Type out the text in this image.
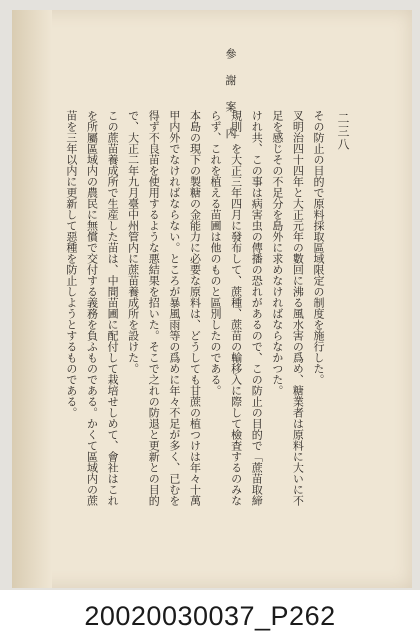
參 謝 案 内	二三八

その防止の目的で原料採取區域限定の制度を施行した。

叉明治四十四年と大正元年の數回に沸る風水害の爲め、糖業者は原料に大いに不足を感じその不足分を島外に求めなければならなかつた。

けれ共、この事は病害虫の傳播の恐れがあるので、この防止の目的で「蔗苗取締規則」を大正三年四月に發布して、蔗種、蔗苗の輸移入に際して檢査するのみならず、これを植える苗圃は他のものと區別したのである。

本島の現下の製糖の金能力に必要な原料は、どうしても甘蔗の植つけは年々十萬甲内外でなければならない。ところが暴風雨等の爲めに年々不足が多く、已むを得ず不良苗を使用するような悪結果を招いた。そこで之れの防退と更新との目的で、大正二年九月臺中州管内に蔗苗養成所を設けた。

この蔗苗養成所で生産した苗は、中間苗圃に配付して栽培せしめて、會社はこれを所屬區域内の農民に無償で交付する義務を負ふものである。かくて區域内の蔗苗を三年以内に更新して惡種を防止しようとするものである。

20020030037_P262
